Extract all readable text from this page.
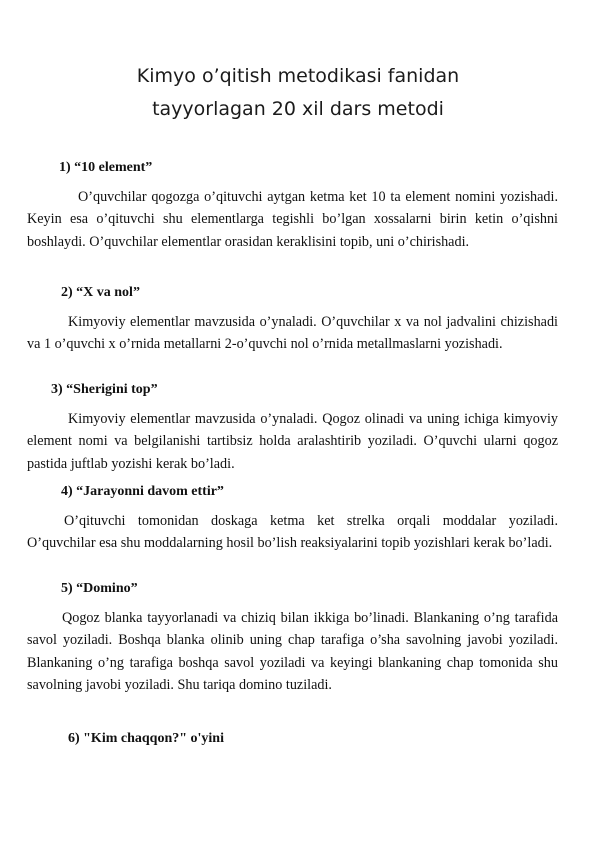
Kimyo o’qitish metodikasi fanidan
tayyorlagan 20 xil dars metodi
1) “10 element”
O’quvchilar qogozga o’qituvchi aytgan ketma ket 10 ta element nomini yozishadi. Keyin esa o’qituvchi shu elementlarga tegishli bo’lgan xossalarni birin ketin o’qishni boshlaydi. O’quvchilar elementlar orasidan keraklisini topib, uni o’chirishadi.
2) “X va nol”
Kimyoviy elementlar mavzusida o’ynaladi. O’quvchilar x va nol jadvalini chizishadi va 1 o’quvchi x o’rnida metallarni 2-o’quvchi nol o’rnida metallmaslarni yozishadi.
3) “Sherigini top”
Kimyoviy elementlar mavzusida o’ynaladi. Qogoz olinadi va uning ichiga kimyoviy element nomi va belgilanishi tartibsiz holda aralashtirib yoziladi. O’quvchi ularni qogoz pastida juftlab yozishi kerak bo’ladi.
4) “Jarayonni davom ettir”
O’qituvchi tomonidan doskaga ketma ket strelka orqali moddalar yoziladi. O’quvchilar esa shu moddalarning hosil bo’lish reaksiyalarini topib yozishlari kerak bo’ladi.
5) “Domino”
Qogoz blanka tayyorlanadi va chiziq bilan ikkiga bo’linadi. Blankaning o’ng tarafida savol yoziladi. Boshqa blanka olinib uning chap tarafiga o’sha savolning javobi yoziladi. Blankaning o’ng tarafiga boshqa savol yoziladi va keyingi blankaning chap tomonida shu savolning javobi yoziladi. Shu tariqa domino tuziladi.
6) "Kim chaqqon?" o'yini
